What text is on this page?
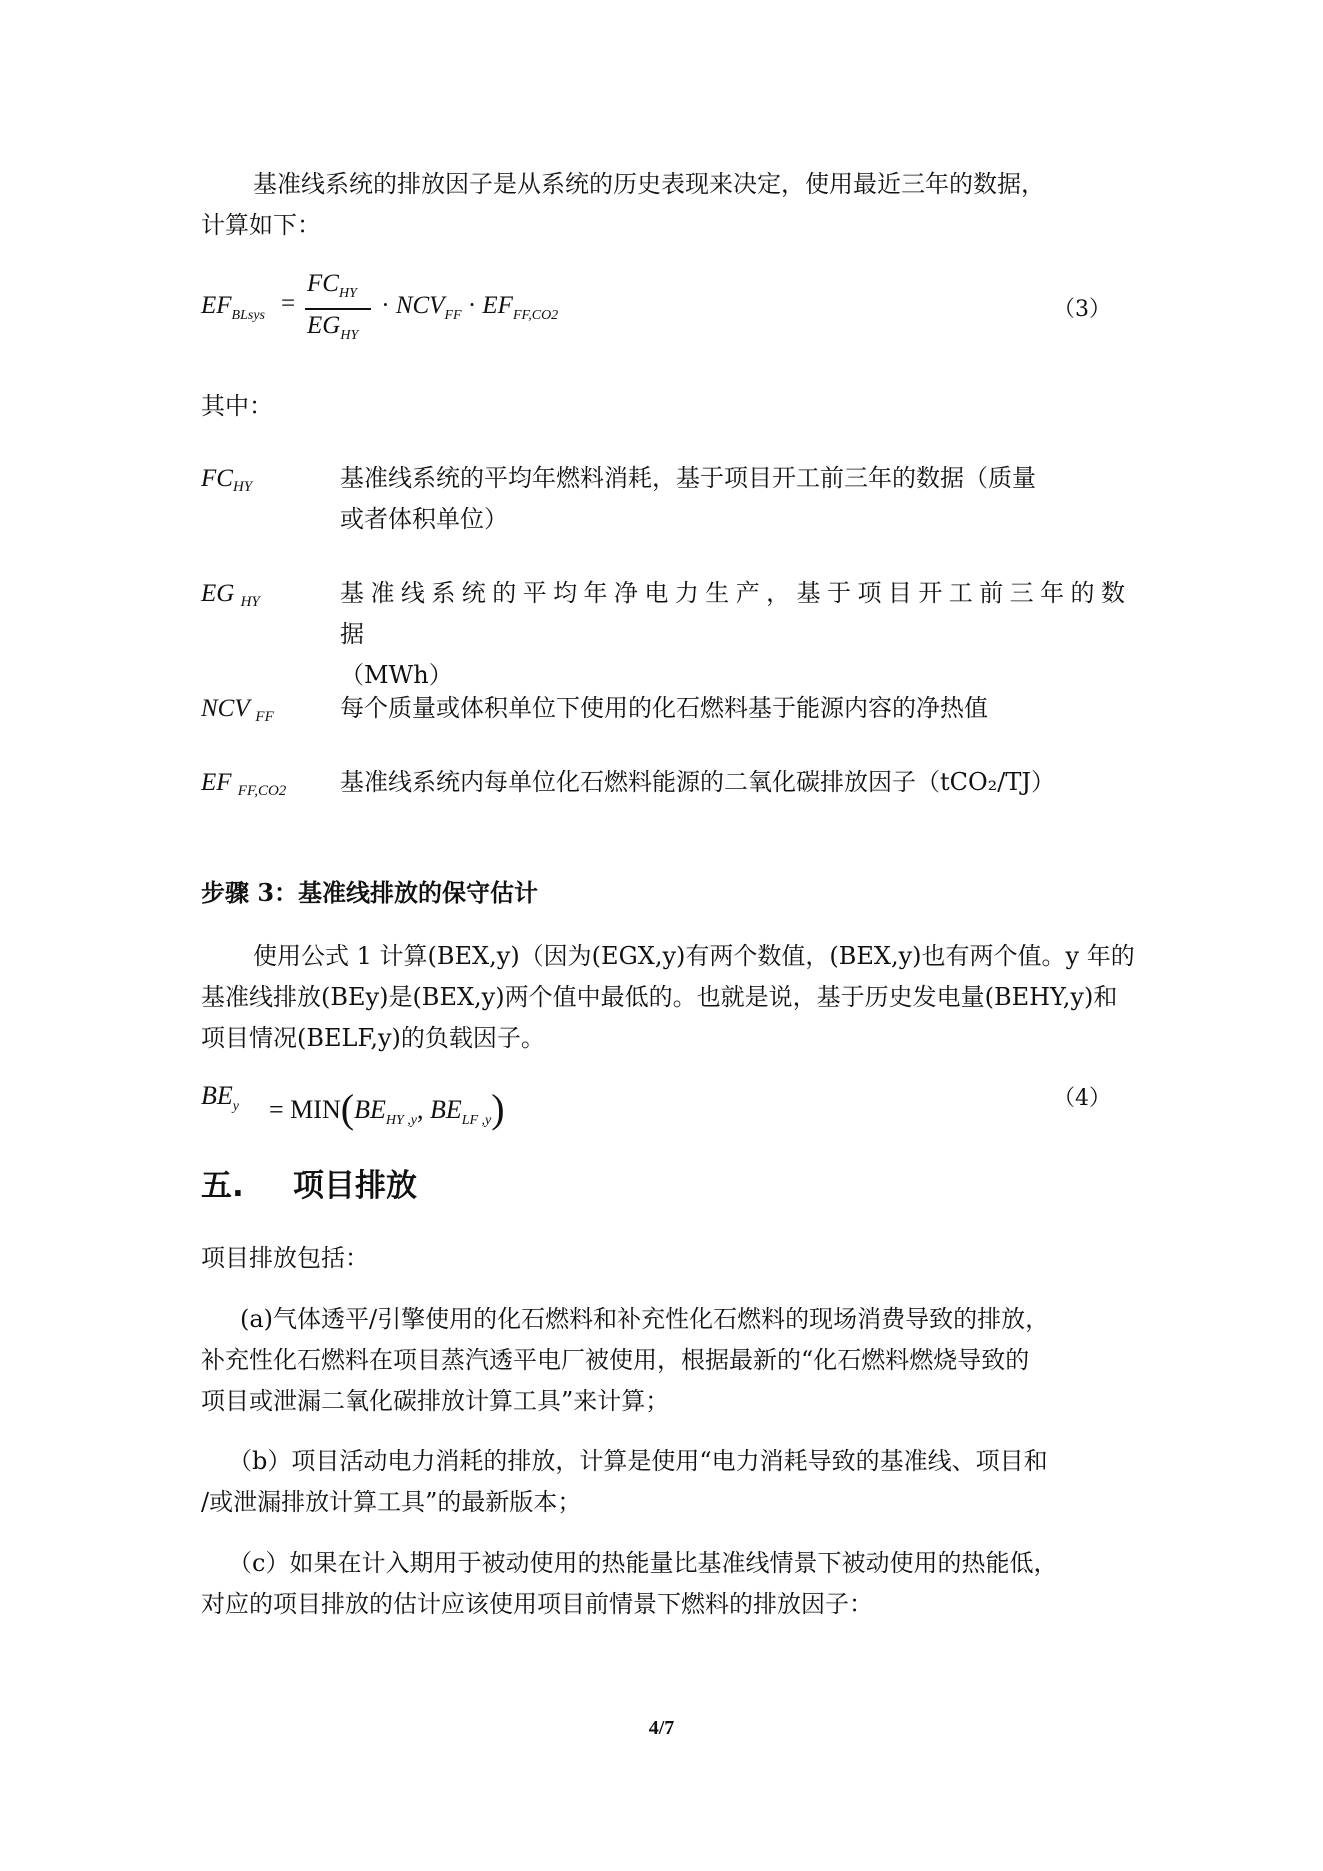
基准线系统的排放因子是从系统的历史表现来决定，使用最近三年的数据，
计算如下：
$EF_{BLsys}$ =
$FC_{HY}$
$EG_{HY}$
· $NCV_{FF} \cdot EF_{FF,CO2}$	（3）
其中：
$FC_{HY}$	基准线系统的平均年燃料消耗，基于项目开工前三年的数据（质量
或者体积单位）
EG $_{HY}$	基准线系统的平均年净电力生产，基于项目开工前三年的数据
（MWh）
NCV $_{FF}$	每个质量或体积单位下使用的化石燃料基于能源内容的净热值
EF $_{FF,CO2}$ 基准线系统内每单位化石燃料能源的二氧化碳排放因子（tCO₂/TJ）
步骤 3：基准线排放的保守估计
使用公式 1 计算(BEX,y)（因为(EGX,y)有两个数值，(BEX,y)也有两个值。y 年的
基准线排放(BEy)是(BEX,y)两个值中最低的。也就是说，基于历史发电量(BEHY,y)和
项目情况(BELF,y)的负载因子。
$BE_y = MIN(BE_{HY ,y}$, $BE_{LF ,y}$)	（4）
五. 项目排放
项目排放包括：
(a)气体透平/引擎使用的化石燃料和补充性化石燃料的现场消费导致的排放，
补充性化石燃料在项目蒸汽透平电厂被使用，根据最新的“化石燃料燃烧导致的
项目或泄漏二氧化碳排放计算工具”来计算；
（b）项目活动电力消耗的排放，计算是使用“电力消耗导致的基准线、项目和
/或泄漏排放计算工具”的最新版本；
（c）如果在计入期用于被动使用的热能量比基准线情景下被动使用的热能低，
对应的项目排放的估计应该使用项目前情景下燃料的排放因子：
4/7
